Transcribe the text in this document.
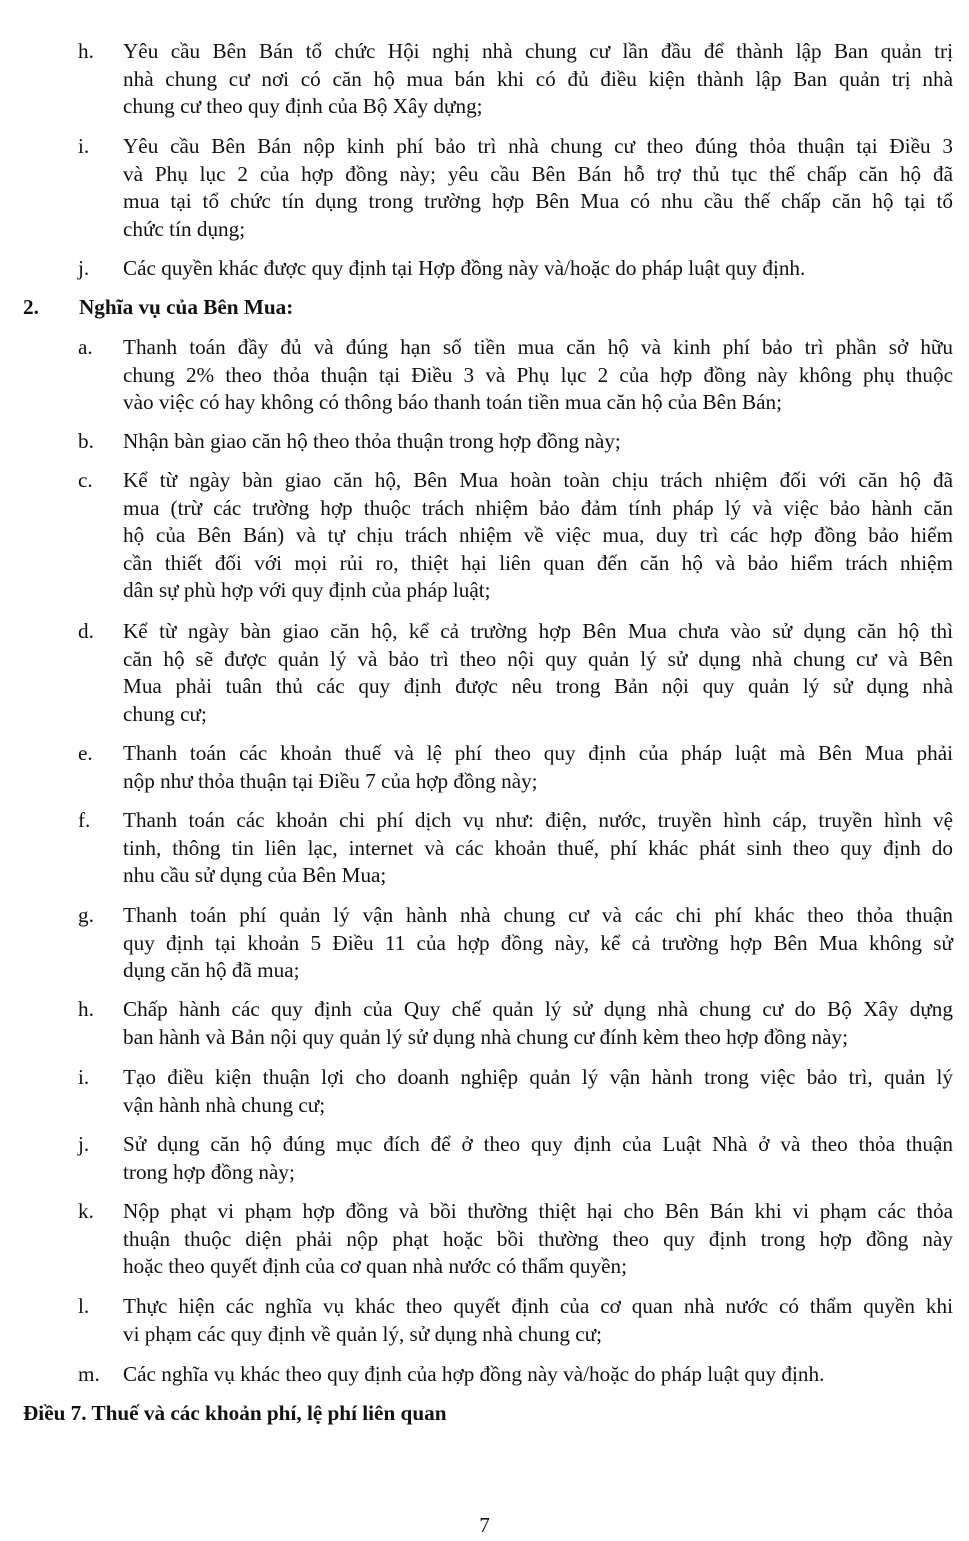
h.	Yêu cầu Bên Bán tổ chức Hội nghị nhà chung cư lần đầu để thành lập Ban quản trị
nhà chung cư nơi có căn hộ mua bán khi có đủ điều kiện thành lập Ban quản trị nhà
chung cư theo quy định của Bộ Xây dựng;
i.	Yêu cầu Bên Bán nộp kinh phí bảo trì nhà chung cư theo đúng thỏa thuận tại Điều 3
và Phụ lục 2 của hợp đồng này; yêu cầu Bên Bán hỗ trợ thủ tục thế chấp căn hộ đã
mua tại tổ chức tín dụng trong trường hợp Bên Mua có nhu cầu thế chấp căn hộ tại tổ
chức tín dụng;
j.	Các quyền khác được quy định tại Hợp đồng này và/hoặc do pháp luật quy định.
2. Nghĩa vụ của Bên Mua:
a.	Thanh toán đầy đủ và đúng hạn số tiền mua căn hộ và kinh phí bảo trì phần sở hữu
chung 2% theo thỏa thuận tại Điều 3 và Phụ lục 2 của hợp đồng này không phụ thuộc
vào việc có hay không có thông báo thanh toán tiền mua căn hộ của Bên Bán;
b.	Nhận bàn giao căn hộ theo thỏa thuận trong hợp đồng này;
c.	Kể từ ngày bàn giao căn hộ, Bên Mua hoàn toàn chịu trách nhiệm đối với căn hộ đã
mua (trừ các trường hợp thuộc trách nhiệm bảo đảm tính pháp lý và việc bảo hành căn
hộ của Bên Bán) và tự chịu trách nhiệm về việc mua, duy trì các hợp đồng bảo hiểm
cần thiết đối với mọi rủi ro, thiệt hại liên quan đến căn hộ và bảo hiểm trách nhiệm
dân sự phù hợp với quy định của pháp luật;
d.	Kể từ ngày bàn giao căn hộ, kể cả trường hợp Bên Mua chưa vào sử dụng căn hộ thì
căn hộ sẽ được quản lý và bảo trì theo nội quy quản lý sử dụng nhà chung cư và Bên
Mua phải tuân thủ các quy định được nêu trong Bản nội quy quản lý sử dụng nhà
chung cư;
e.	Thanh toán các khoản thuế và lệ phí theo quy định của pháp luật mà Bên Mua phải
nộp như thỏa thuận tại Điều 7 của hợp đồng này;
f.	Thanh toán các khoản chi phí dịch vụ như: điện, nước, truyền hình cáp, truyền hình vệ
tinh, thông tin liên lạc, internet và các khoản thuế, phí khác phát sinh theo quy định do
nhu cầu sử dụng của Bên Mua;
g.	Thanh toán phí quản lý vận hành nhà chung cư và các chi phí khác theo thỏa thuận
quy định tại khoản 5 Điều 11 của hợp đồng này, kể cả trường hợp Bên Mua không sử
dụng căn hộ đã mua;
h.	Chấp hành các quy định của Quy chế quản lý sử dụng nhà chung cư do Bộ Xây dựng
ban hành và Bản nội quy quản lý sử dụng nhà chung cư đính kèm theo hợp đồng này;
i.	Tạo điều kiện thuận lợi cho doanh nghiệp quản lý vận hành trong việc bảo trì, quản lý
vận hành nhà chung cư;
j.	Sử dụng căn hộ đúng mục đích để ở theo quy định của Luật Nhà ở và theo thỏa thuận
trong hợp đồng này;
k.	Nộp phạt vi phạm hợp đồng và bồi thường thiệt hại cho Bên Bán khi vi phạm các thỏa
thuận thuộc diện phải nộp phạt hoặc bồi thường theo quy định trong hợp đồng này
hoặc theo quyết định của cơ quan nhà nước có thẩm quyền;
l.	Thực hiện các nghĩa vụ khác theo quyết định của cơ quan nhà nước có thẩm quyền khi
vi phạm các quy định về quản lý, sử dụng nhà chung cư;
m.	Các nghĩa vụ khác theo quy định của hợp đồng này và/hoặc do pháp luật quy định.
Điều 7. Thuế và các khoản phí, lệ phí liên quan
7
